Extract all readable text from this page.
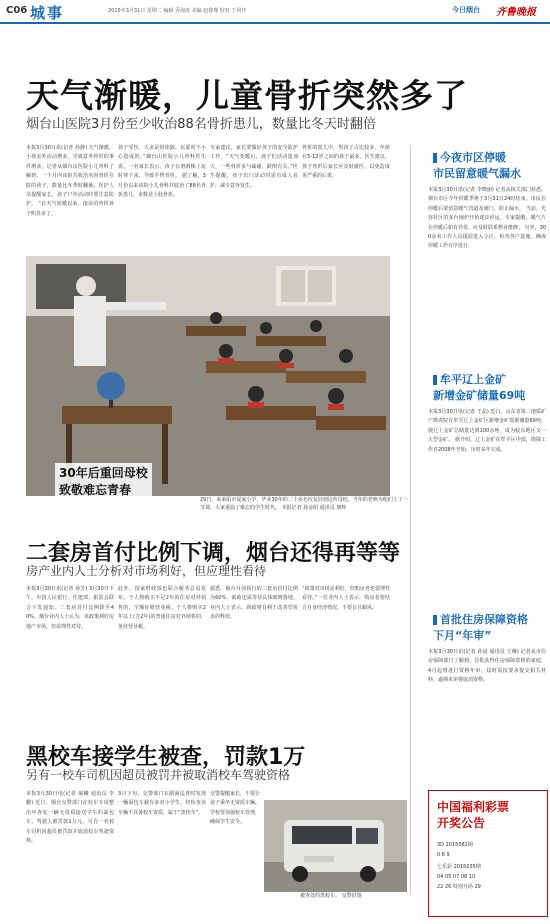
C06 城事	2015年3月31日 星期二 编辑 乔海涛 美编 赵睿瑾 校对 于同序	今日烟台 齐鲁晚报
天气渐暖，儿童骨折突然多了
烟台山医院3月份至少收治88名骨折患儿，数量比冬天时翻倍
本报3月30日讯(记者 孙静) 天气渐暖，小孩室外活动增多，导致意外骨折的事件增多。记者从烟台山医院小儿骨科了解到，一个月内该院共收治名因骨折住院的孩子，数量比冬季时翻番。医护人员提醒家长，孩子户外活动时要注意防护。 “自天气转暖以来，接诊的骨折孩子明显多了。
孩子受伤，大多是因摔跤、玩耍时不小心造成的。”烟台山医院小儿骨科医生说。一名家长表示，孩子在滑滑梯上玩时摔下来，导致手臂骨折。 据了解，3月份以来该院小儿骨科共收治了88名骨折患儿，多数是上肢骨折。
专家建议，家长要做好孩子的安全防护工作。“天气变暖后，孩子们活动量加大，一些骨折多与磕碰、跌倒有关。”医生提醒，孩子出门活动时需有成人看护，减少意外发生。
骨折的患儿中，男孩子占比较多，年龄在5-12岁之间的孩子最多。医生建议，孩子骨折后家长应及时就医，以免造成更严重的后果。
30年后重回母校
致敬难忘青春
29日，来莱阳市夏家小学，毕业30年的二十多名校友回到这所母校。当年的老师为他们上了一节课，大家重温了难忘的学生时代。 本报记者 孙金阳 通讯员 朋辉
二套房首付比例下调，烟台还得再等等
房产业内人士分析对市场利好，但应理性看待
本报3月30日讯(记者 孙芳) 3月30日下午，中国人民银行、住建部、银监会联合下发通知，二套房首付比例降至40%。烟台业内人士认为，该政策利好房地产市场，但需理性对待。
此外，国家财政部也联合税务总局发布，个人将购买不足2年的住房对外销售的，全额征收营业税。个人将购买2年以上(含2年)的普通住房对外销售的，免征营业税。
据悉，烟台目前执行的二套房首付比例为60%，新政还需等待具体细则落地。业内人士表示，新政将有利于改善型需求的释放。
“政策对市场是利好，但购房者也要理性看待。”一位业内人士表示，购房者要结合自身经济情况，不要盲目跟风。
黑校车接学生被查，罚款1万
另有一校车司机因超员被罚并被取消校车驾驶资格
本报3月30日讯(记者 郝曦 通讯员 李鹏) 近日，烟台交警部门在校车专项整治中查处一辆无资质接送学生的面包车，驾驶人被罚款1万元。另有一名校车司机因超员被罚款并取消校车驾驶资格。
3月下旬，交警部门在路面巡查时发现一辆面包车载有多名小学生，经检查该车辆不具备校车资质，属于“黑校车”。
交警提醒家长，不要让孩子乘坐无资质车辆。学校要加强校车管理，确保学生安全。
被查处的黑校车。 交警供图
今夜市区停暖
市民留意暖气漏水
本报3月30日讯(记者 李晓丽) 记者从相关部门获悉，烟台市区今年供暖季将于3月31日24时结束。市民在停暖后要留意暖气管道及阀门，防止漏水。 当前，光谷社区的多台锅炉开始逐步停运，专家提醒，暖气片在停暖后如有异常，应及时联系物业维修。 另外，300余名工作人员提前进入小区，检查各户设施，确保停暖工作有序进行。
牟平辽上金矿
新增金矿储量69吨
本报3月30日讯(记者 王晶) 近日，山东省第三地质矿产勘查院在牟平辽上金矿区新增金矿资源储量69吨，使辽上金矿总储量达到100余吨，成为胶东地区又一大型金矿。 据介绍，辽上金矿在牟平区中部，勘探工作自2008年开始，历时多年完成。
首批住房保障资格
下月“年审”
本报3月30日讯(记者 孙晨 通讯员 王琳) 记者从市住房保障部门了解到，首批获得住房保障资格的家庭，4月起将进行资格年审，届时需按要求提交相关材料，逾期未审将取消资格。
中国福利彩票
开奖公告
3D 2015082期
0 6 9
七乐彩 2015035期
04 05 07 08 10
22 26 特别号码 29
